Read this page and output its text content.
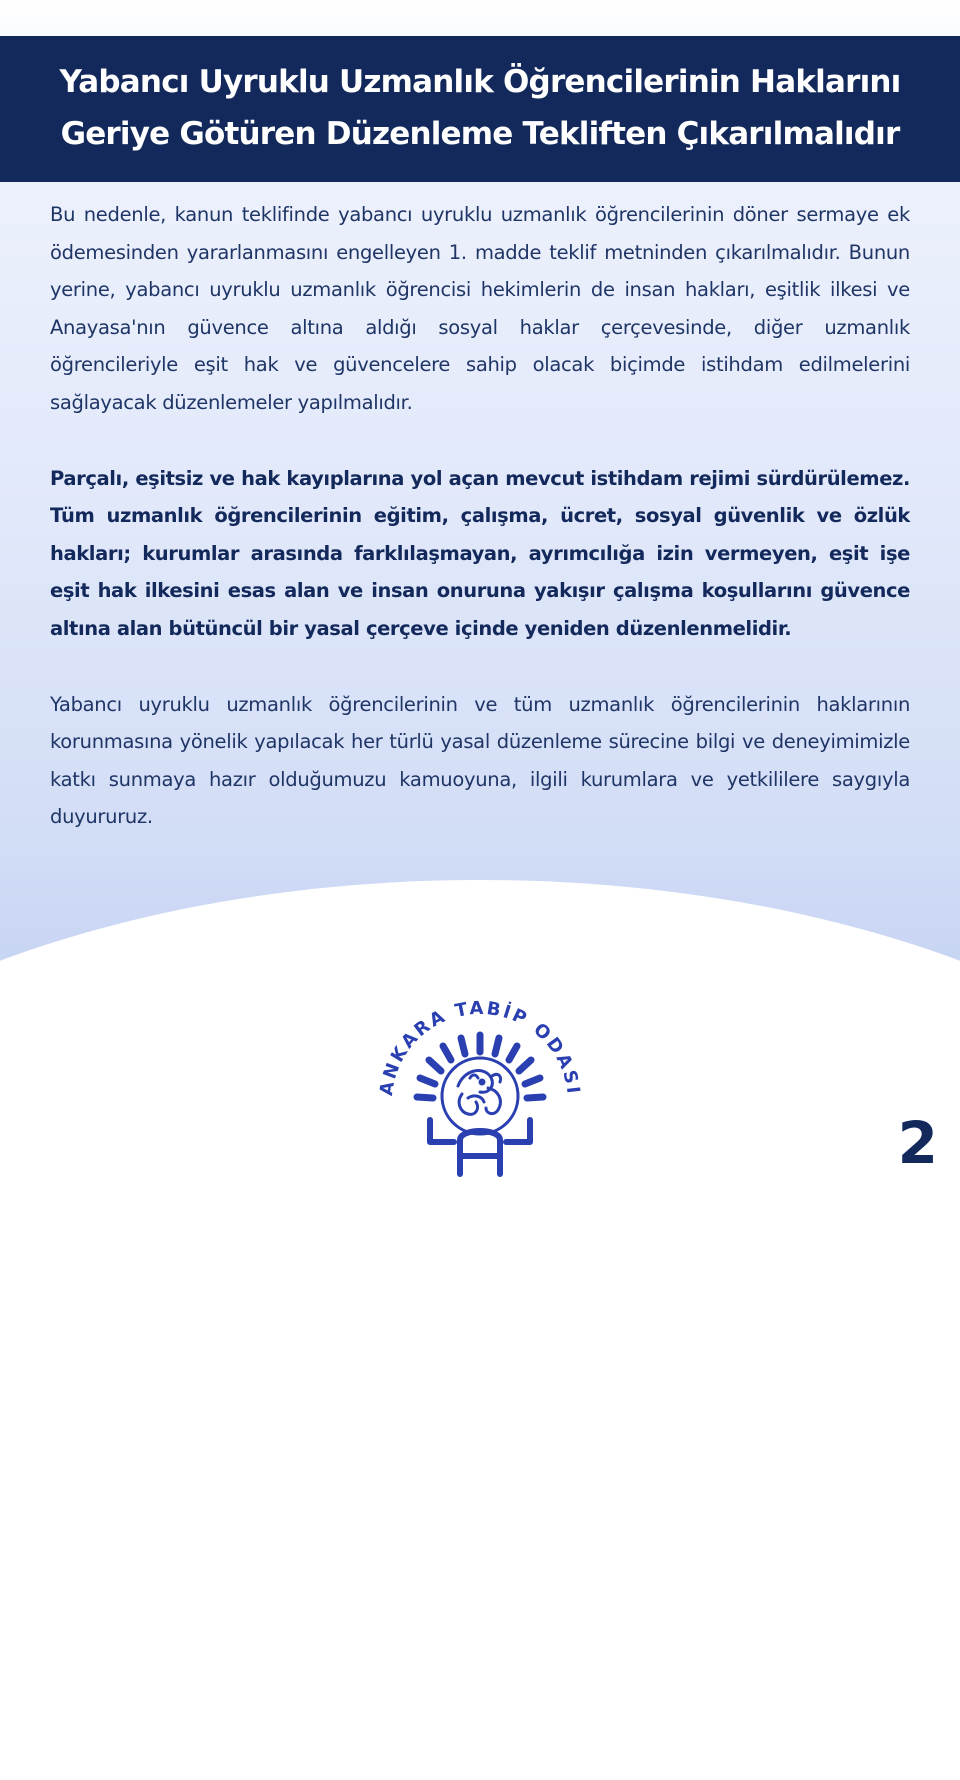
Yabancı Uyruklu Uzmanlık Öğrencilerinin Haklarını
Geriye Götüren Düzenleme Tekliften Çıkarılmalıdır

Bu nedenle, kanun teklifinde yabancı uyruklu uzmanlık öğrencilerinin döner sermaye ek ödemesinden yararlanmasını engelleyen 1. madde teklif metninden çıkarılmalıdır. Bunun yerine, yabancı uyruklu uzmanlık öğrencisi hekimlerin de insan hakları, eşitlik ilkesi ve Anayasa'nın güvence altına aldığı sosyal haklar çerçevesinde, diğer uzmanlık öğrencileriyle eşit hak ve güvencelere sahip olacak biçimde istihdam edilmelerini sağlayacak düzenlemeler yapılmalıdır.

Parçalı, eşitsiz ve hak kayıplarına yol açan mevcut istihdam rejimi sürdürülemez. Tüm uzmanlık öğrencilerinin eğitim, çalışma, ücret, sosyal güvenlik ve özlük hakları; kurumlar arasında farklılaşmayan, ayrımcılığa izin vermeyen, eşit işe eşit hak ilkesini esas alan ve insan onuruna yakışır çalışma koşullarını güvence altına alan bütüncül bir yasal çerçeve içinde yeniden düzenlenmelidir.

Yabancı uyruklu uzmanlık öğrencilerinin ve tüm uzmanlık öğrencilerinin haklarının korunmasına yönelik yapılacak her türlü yasal düzenleme sürecine bilgi ve deneyimimizle katkı sunmaya hazır olduğumuzu kamuoyuna, ilgili kurumlara ve yetkililere saygıyla duyururuz.

ANKARA TABİP ODASI
2
